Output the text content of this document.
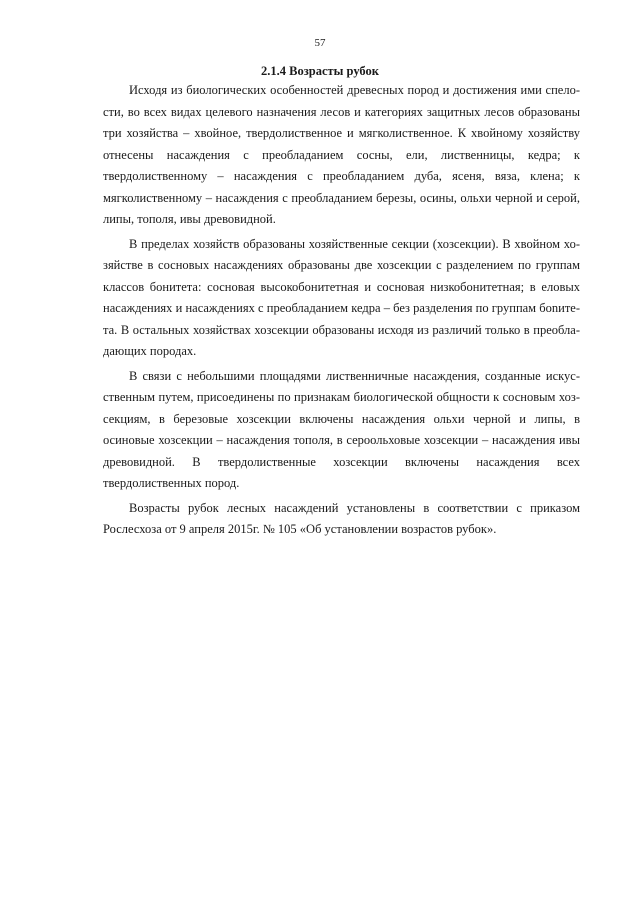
57
2.1.4 Возрасты рубок

Исходя из биологических особенностей древесных пород и достижения ими спелости, во всех видах целевого назначения лесов и категориях защитных лесов образованы три хозяйства – хвойное, твердолиственное и мягколиственное. К хвойному хозяйству отнесены насаждения с преобладанием сосны, ели, лиственницы, кедра; к твердолиственному – насаждения с преобладанием дуба, ясеня, вяза, клена; к мягколиственному – насаждения с преобладанием березы, осины, ольхи черной и серой, липы, тополя, ивы древовидной.

В пределах хозяйств образованы хозяйственные секции (хозсекции). В хвойном хозяйстве в сосновых насаждениях образованы две хозсекции с разделением по группам классов бонитета: сосновая высокобонитетная и сосновая низкобонитетная; в еловых насаждениях и насаждениях с преобладанием кедра – без разделения по группам бonитета. В остальных хозяйствах хозсекции образованы исходя из различий только в преобладающих породах.

В связи с небольшими площадями лиственничные насаждения, созданные искусственным путем, присоединены по признакам биологической общности к сосновым хозсекциям, в березовые хозсекции включены насаждения ольхи черной и липы, в осиновые хозсекции – насаждения тополя, в сероольховые хозсекции – насаждения ивы древовидной. В твердолиственные хозсекции включены насаждения всех твердолиственных пород.

Возрасты рубок лесных насаждений установлены в соответствии с приказом Рослесхоза от 9 апреля 2015г. № 105 «Об установлении возрастов рубок».
